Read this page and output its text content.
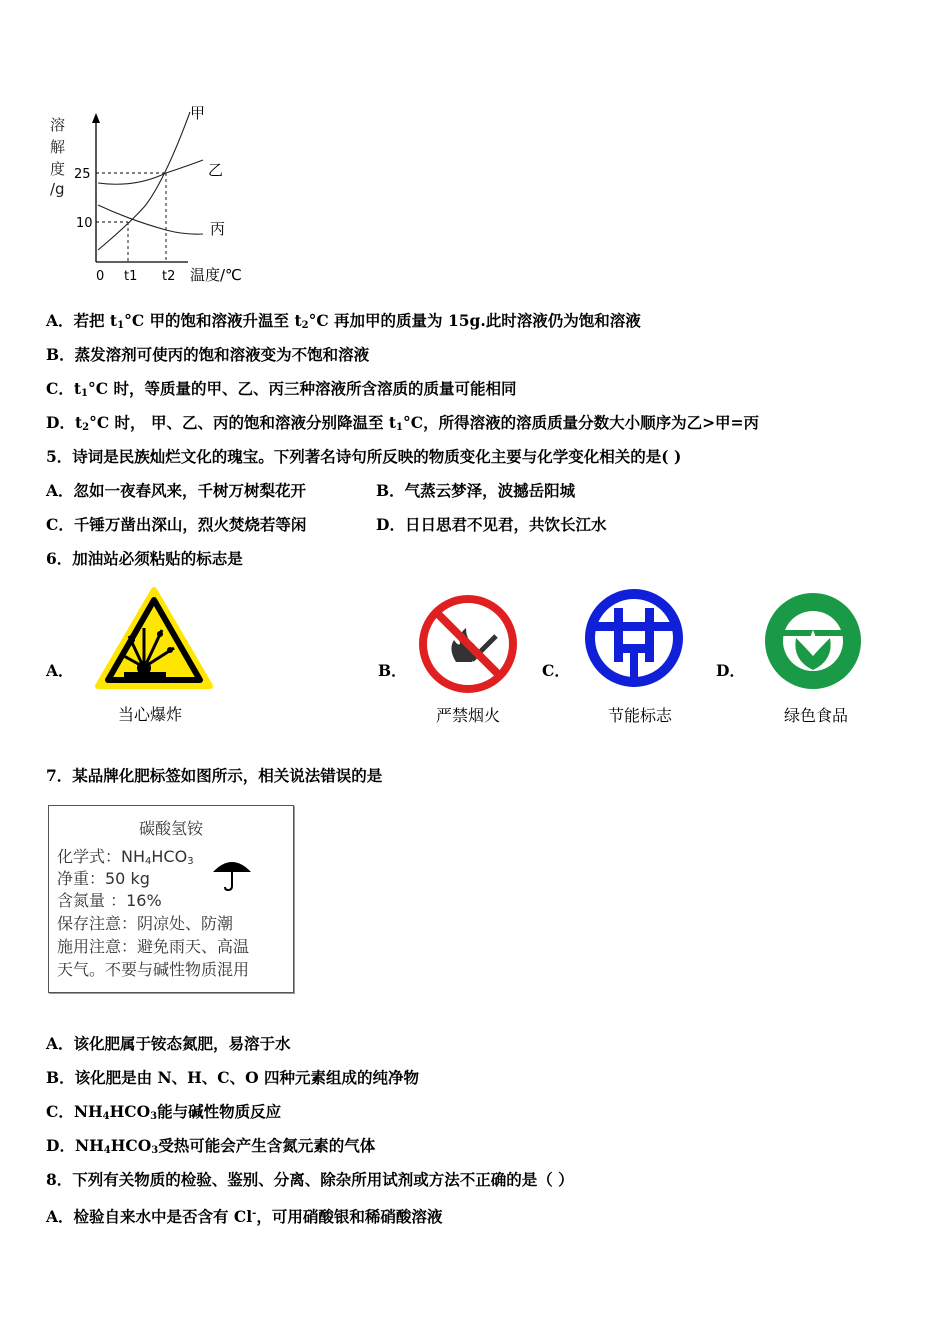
溶
解
度
/g
25
10
0 t1 t2 温度/℃
甲
乙
丙
A．若把 $t_1^\circ C$ 甲的饱和溶液升温至 $t_2^\circ C$ 再加甲的质量为 15g.此时溶液仍为饱和溶液
B．蒸发溶剂可使丙的饱和溶液变为不饱和溶液
C．$t_1^\circ C$ 时，等质量的甲、乙、丙三种溶液所含溶质的质量可能相同
D．$t_2^\circ C$ 时， 甲、乙、丙的饱和溶液分别降温至 $t_1^\circ C$，所得溶液的溶质质量分数大小顺序为乙>甲=丙
5．诗词是民族灿烂文化的瑰宝。下列著名诗句所反映的物质变化主要与化学变化相关的是( )
A．忽如一夜春风来，千树万树梨花开	B．气蒸云梦泽，波撼岳阳城
C．千锤万凿出深山，烈火焚烧若等闲	D．日日思君不见君，共饮长江水
6．加油站必须粘贴的标志是
A．
当心爆炸
B．
严禁烟火
C．
节能标志
D．
绿色食品
7．某品牌化肥标签如图所示，相关说法错误的是
碳酸氢铵
化学式：$NH_4HCO_3$
净重：50 kg
含氮量 ：16%
保存注意：阴凉处、防潮
施用注意：避免雨天、高温
天气。不要与碱性物质混用
A．该化肥属于铵态氮肥，易溶于水
B．该化肥是由 N、H、C、O 四种元素组成的纯净物
C．$NH_4HCO_3$能与碱性物质反应
D．$NH_4HCO_3$受热可能会产生含氮元素的气体
8．下列有关物质的检验、鉴别、分离、除杂所用试剂或方法不正确的是（ ）
A．检验自来水中是否含有 Cl-，可用硝酸银和稀硝酸溶液
